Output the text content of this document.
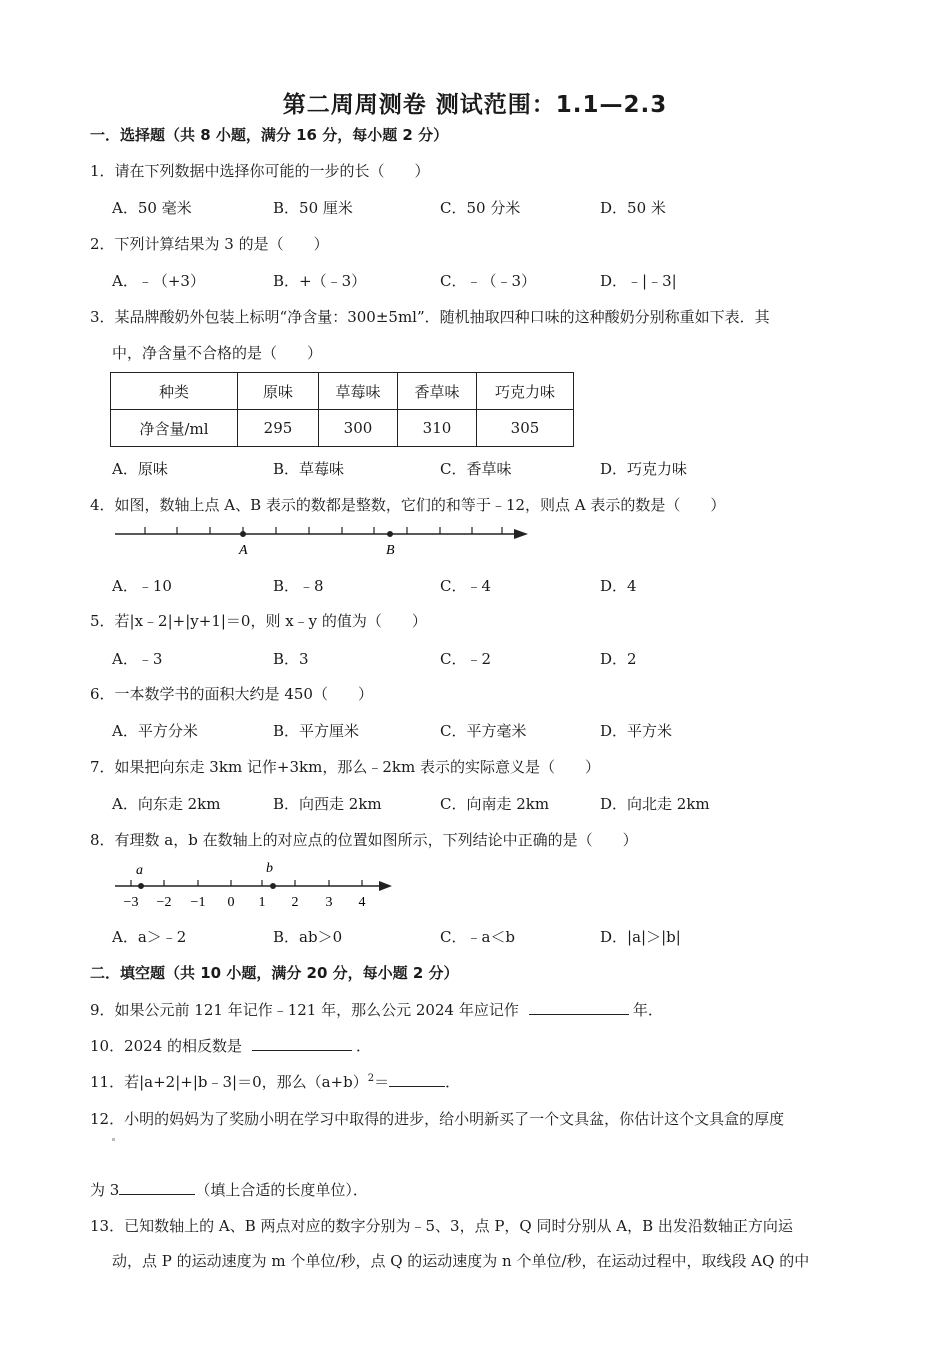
第二周周测卷 测试范围：1.1—2.3
一．选择题（共 8 小题，满分 16 分，每小题 2 分）
1．请在下列数据中选择你可能的一步的长（　　）
A．50 毫米	B．50 厘米	C．50 分米	D．50 米
2．下列计算结果为 3 的是（　　）
A．﹣（+3）	B．+（﹣3）	C．﹣（﹣3）	D．﹣|﹣3|
3．某品牌酸奶外包装上标明“净含量：300±5ml”．随机抽取四种口味的这种酸奶分别称重如下表．其
中，净含量不合格的是（　　）
种类	原味	草莓味	香草味	巧克力味
净含量/ml	295	300	310	305
A．原味	B．草莓味	C．香草味	D．巧克力味
4．如图，数轴上点 A、B 表示的数都是整数，它们的和等于﹣12，则点 A 表示的数是（　　）
A	B
A．﹣10	B．﹣8	C．﹣4	D．4
5．若|x﹣2|+|y+1|＝0，则 x﹣y 的值为（　　）
A．﹣3	B．3	C．﹣2	D．2
6．一本数学书的面积大约是 450（　　）
A．平方分米	B．平方厘米	C．平方毫米	D．平方米
7．如果把向东走 3km 记作+3km，那么﹣2km 表示的实际意义是（　　）
A．向东走 2km	B．向西走 2km	C．向南走 2km	D．向北走 2km
8．有理数 a，b 在数轴上的对应点的位置如图所示，下列结论中正确的是（　　）
a	b
−3 −2 −1 0 1 2 3 4
A．a＞﹣2	B．ab＞0	C．﹣a＜b	D．|a|＞|b|
二．填空题（共 10 小题，满分 20 分，每小题 2 分）
9．如果公元前 121 年记作﹣121 年，那么公元 2024 年应记作	年．
10．2024 的相反数是	．
11．若|a+2|+|b﹣3|＝0，那么$(a+b)^2=$	．
12．小明的妈妈为了奖励小明在学习中取得的进步，给小明新买了一个文具盆，你估计这个文具盒的厚度
为 3	（填上合适的长度单位）．
13．已知数轴上的 A、B 两点对应的数字分别为﹣5、3，点 P，Q 同时分别从 A，B 出发沿数轴正方向运
动，点 P 的运动速度为 m 个单位/秒，点 Q 的运动速度为 n 个单位/秒，在运动过程中，取线段 AQ 的中
